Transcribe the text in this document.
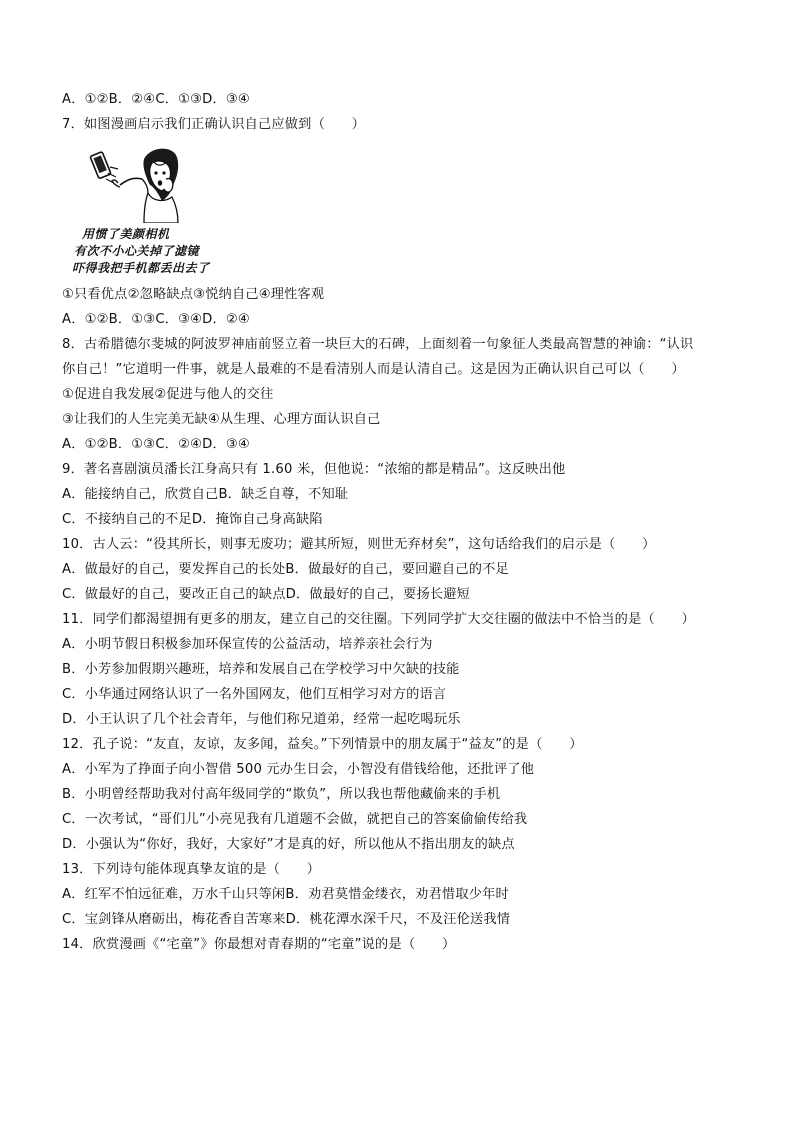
A．①②B．②④C．①③D．③④
7．如图漫画启示我们正确认识自己应做到（　　）
用惯了美颜相机
有次不小心关掉了滤镜
吓得我把手机都丢出去了
①只看优点②忽略缺点③悦纳自己④理性客观
A．①②B．①③C．③④D．②④
8．古希腊德尔斐城的阿波罗神庙前竖立着一块巨大的石碑，上面刻着一句象征人类最高智慧的神谕：“认识
你自己！”它道明一件事，就是人最难的不是看清别人而是认清自己。这是因为正确认识自己可以（　　）
①促进自我发展②促进与他人的交往
③让我们的人生完美无缺④从生理、心理方面认识自己
A．①②B．①③C．②④D．③④
9．著名喜剧演员潘长江身高只有 1.60 米，但他说：“浓缩的都是精品”。这反映出他
A．能接纳自己，欣赏自己B．缺乏自尊，不知耻
C．不接纳自己的不足D．掩饰自己身高缺陷
10．古人云：“役其所长，则事无废功；避其所短，则世无弃材矣”，这句话给我们的启示是（　　）
A．做最好的自己，要发挥自己的长处B．做最好的自己，要回避自己的不足
C．做最好的自己，要改正自己的缺点D．做最好的自己，要扬长避短
11．同学们都渴望拥有更多的朋友，建立自己的交往圈。下列同学扩大交往圈的做法中不恰当的是（　　）
A．小明节假日积极参加环保宣传的公益活动，培养亲社会行为
B．小芳参加假期兴趣班，培养和发展自己在学校学习中欠缺的技能
C．小华通过网络认识了一名外国网友，他们互相学习对方的语言
D．小王认识了几个社会青年，与他们称兄道弟，经常一起吃喝玩乐
12．孔子说：“友直，友谅，友多闻，益矣。”下列情景中的朋友属于“益友”的是（　　）
A．小军为了挣面子向小智借 500 元办生日会，小智没有借钱给他，还批评了他
B．小明曾经帮助我对付高年级同学的“欺负”，所以我也帮他藏偷来的手机
C．一次考试，“哥们儿”小亮见我有几道题不会做，就把自己的答案偷偷传给我
D．小强认为“你好，我好，大家好”才是真的好，所以他从不指出朋友的缺点
13．下列诗句能体现真挚友谊的是（　　）
A．红军不怕远征难，万水千山只等闲B．劝君莫惜金缕衣，劝君惜取少年时
C．宝剑锋从磨砺出，梅花香自苦寒来D．桃花潭水深千尺，不及汪伦送我情
14．欣赏漫画《“宅童”》你最想对青春期的“宅童”说的是（　　）
